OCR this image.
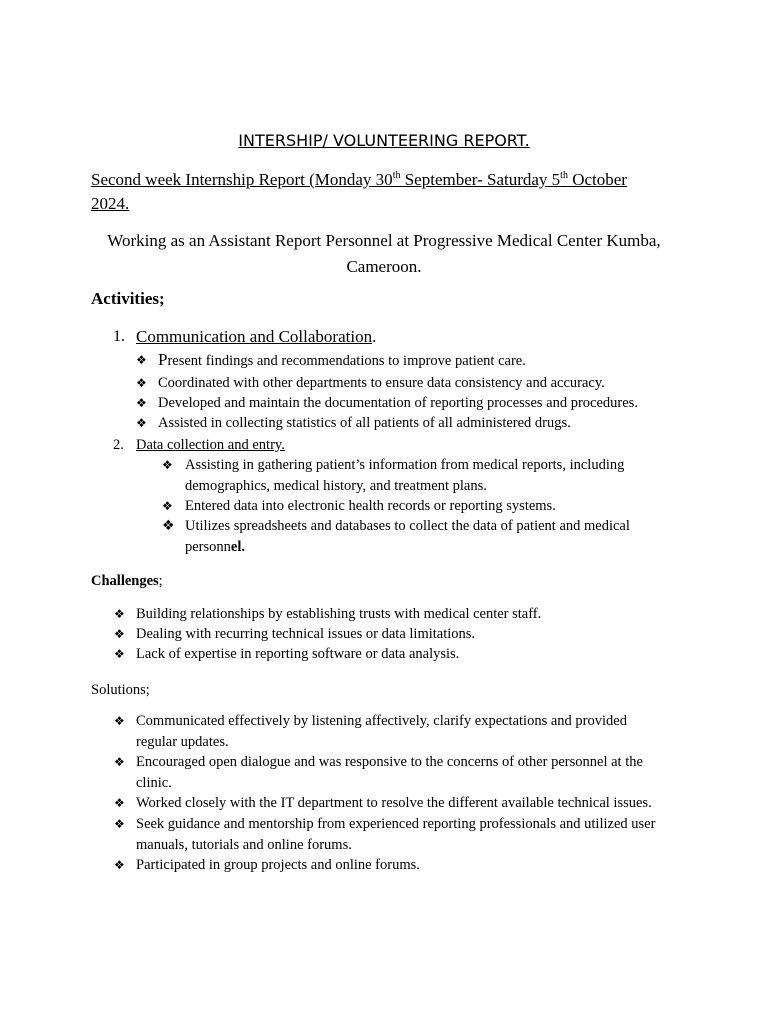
INTERSHIP/ VOLUNTEERING REPORT.
Second week Internship Report (Monday 30th September- Saturday 5th October
2024.
Working as an Assistant Report Personnel at Progressive Medical Center Kumba, Cameroon.
Activities;
1. Communication and Collaboration.
❖ Present findings and recommendations to improve patient care.
❖ Coordinated with other departments to ensure data consistency and accuracy.
❖ Developed and maintain the documentation of reporting processes and procedures.
❖ Assisted in collecting statistics of all patients of all administered drugs.
2. Data collection and entry.
❖ Assisting in gathering patient’s information from medical reports, including
demographics, medical history, and treatment plans.
❖ Entered data into electronic health records or reporting systems.
❖ Utilizes spreadsheets and databases to collect the data of patient and medical
personnel.
Challenges;
❖ Building relationships by establishing trusts with medical center staff.
❖ Dealing with recurring technical issues or data limitations.
❖ Lack of expertise in reporting software or data analysis.
Solutions;
❖ Communicated effectively by listening affectively, clarify expectations and provided
regular updates.
❖ Encouraged open dialogue and was responsive to the concerns of other personnel at the
clinic.
❖ Worked closely with the IT department to resolve the different available technical issues.
❖ Seek guidance and mentorship from experienced reporting professionals and utilized user
manuals, tutorials and online forums.
❖ Participated in group projects and online forums.
